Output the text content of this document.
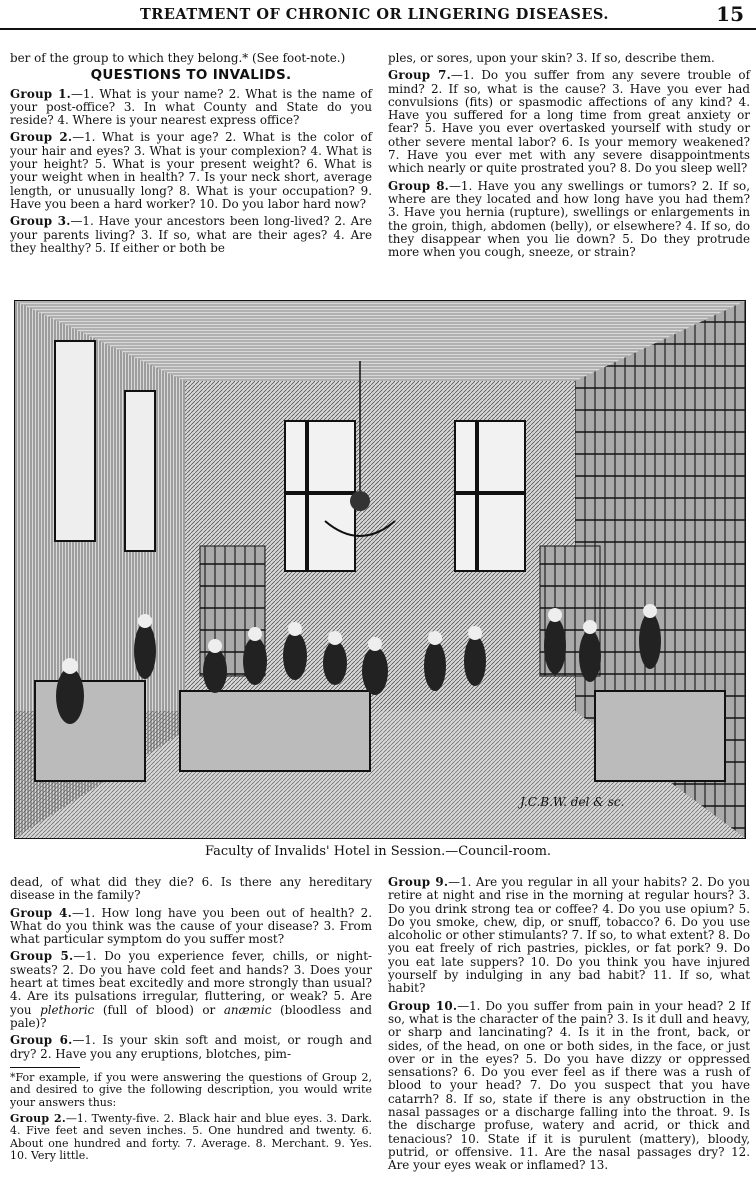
TREATMENT OF CHRONIC OR LINGERING DISEASES.	15

ber of the group to which they belong.* (See foot-note.)

QUESTIONS TO INVALIDS.

Group 1.—1. What is your name? 2. What is the name of your post-office? 3. In what County and State do you reside? 4. Where is your nearest express office?

Group 2.—1. What is your age? 2. What is the color of your hair and eyes? 3. What is your complexion? 4. What is your height? 5. What is your present weight? 6. What is your weight when in health? 7. Is your neck short, average length, or unusually long? 8. What is your occupation? 9. Have you been a hard worker? 10. Do you labor hard now?

Group 3.—1. Have your ancestors been long-lived? 2. Are your parents living? 3. If so, what are their ages? 4. Are they healthy? 5. If either or both be

ples, or sores, upon your skin? 3. If so, describe them.

Group 7.—1. Do you suffer from any severe trouble of mind? 2. If so, what is the cause? 3. Have you ever had convulsions (fits) or spasmodic affections of any kind? 4. Have you suffered for a long time from great anxiety or fear? 5. Have you ever overtasked yourself with study or other severe mental labor? 6. Is your memory weakened? 7. Have you ever met with any severe disappointments which nearly or quite prostrated you? 8. Do you sleep well?

Group 8.—1. Have you any swellings or tumors? 2. If so, where are they located and how long have you had them? 3. Have you hernia (rupture), swellings or enlargements in the groin, thigh, abdomen (belly), or elsewhere? 4. If so, do they disappear when you lie down? 5. Do they protrude more when you cough, sneeze, or strain?

J.C.B.W. del & sc.
Faculty of Invalids' Hotel in Session.—Council-room.

dead, of what did they die? 6. Is there any hereditary disease in the family?

Group 4.—1. How long have you been out of health? 2. What do you think was the cause of your disease? 3. From what particular symptom do you suffer most?

Group 5.—1. Do you experience fever, chills, or night-sweats? 2. Do you have cold feet and hands? 3. Does your heart at times beat excitedly and more strongly than usual? 4. Are its pulsations irregular, fluttering, or weak? 5. Are you plethoric (full of blood) or anæmic (bloodless and pale)?

Group 6.—1. Is your skin soft and moist, or rough and dry? 2. Have you any eruptions, blotches, pim-

*For example, if you were answering the questions of Group 2, and desired to give the following description, you would write your answers thus:

Group 2.—1. Twenty-five. 2. Black hair and blue eyes. 3. Dark. 4. Five feet and seven inches. 5. One hundred and twenty. 6. About one hundred and forty. 7. Average. 8. Merchant. 9. Yes. 10. Very little.

Group 9.—1. Are you regular in all your habits? 2. Do you retire at night and rise in the morning at regular hours? 3. Do you drink strong tea or coffee? 4. Do you use opium? 5. Do you smoke, chew, dip, or snuff, tobacco? 6. Do you use alcoholic or other stimulants? 7. If so, to what extent? 8. Do you eat freely of rich pastries, pickles, or fat pork? 9. Do you eat late suppers? 10. Do you think you have injured yourself by indulging in any bad habit? 11. If so, what habit?

Group 10.—1. Do you suffer from pain in your head? 2 If so, what is the character of the pain? 3. Is it dull and heavy, or sharp and lancinating? 4. Is it in the front, back, or sides, of the head, on one or both sides, in the face, or just over or in the eyes? 5. Do you have dizzy or oppressed sensations? 6. Do you ever feel as if there was a rush of blood to your head? 7. Do you suspect that you have catarrh? 8. If so, state if there is any obstruction in the nasal passages or a discharge falling into the throat. 9. Is the discharge profuse, watery and acrid, or thick and tenacious? 10. State if it is purulent (mattery), bloody, putrid, or offensive. 11. Are the nasal passages dry? 12. Are your eyes weak or inflamed? 13.
